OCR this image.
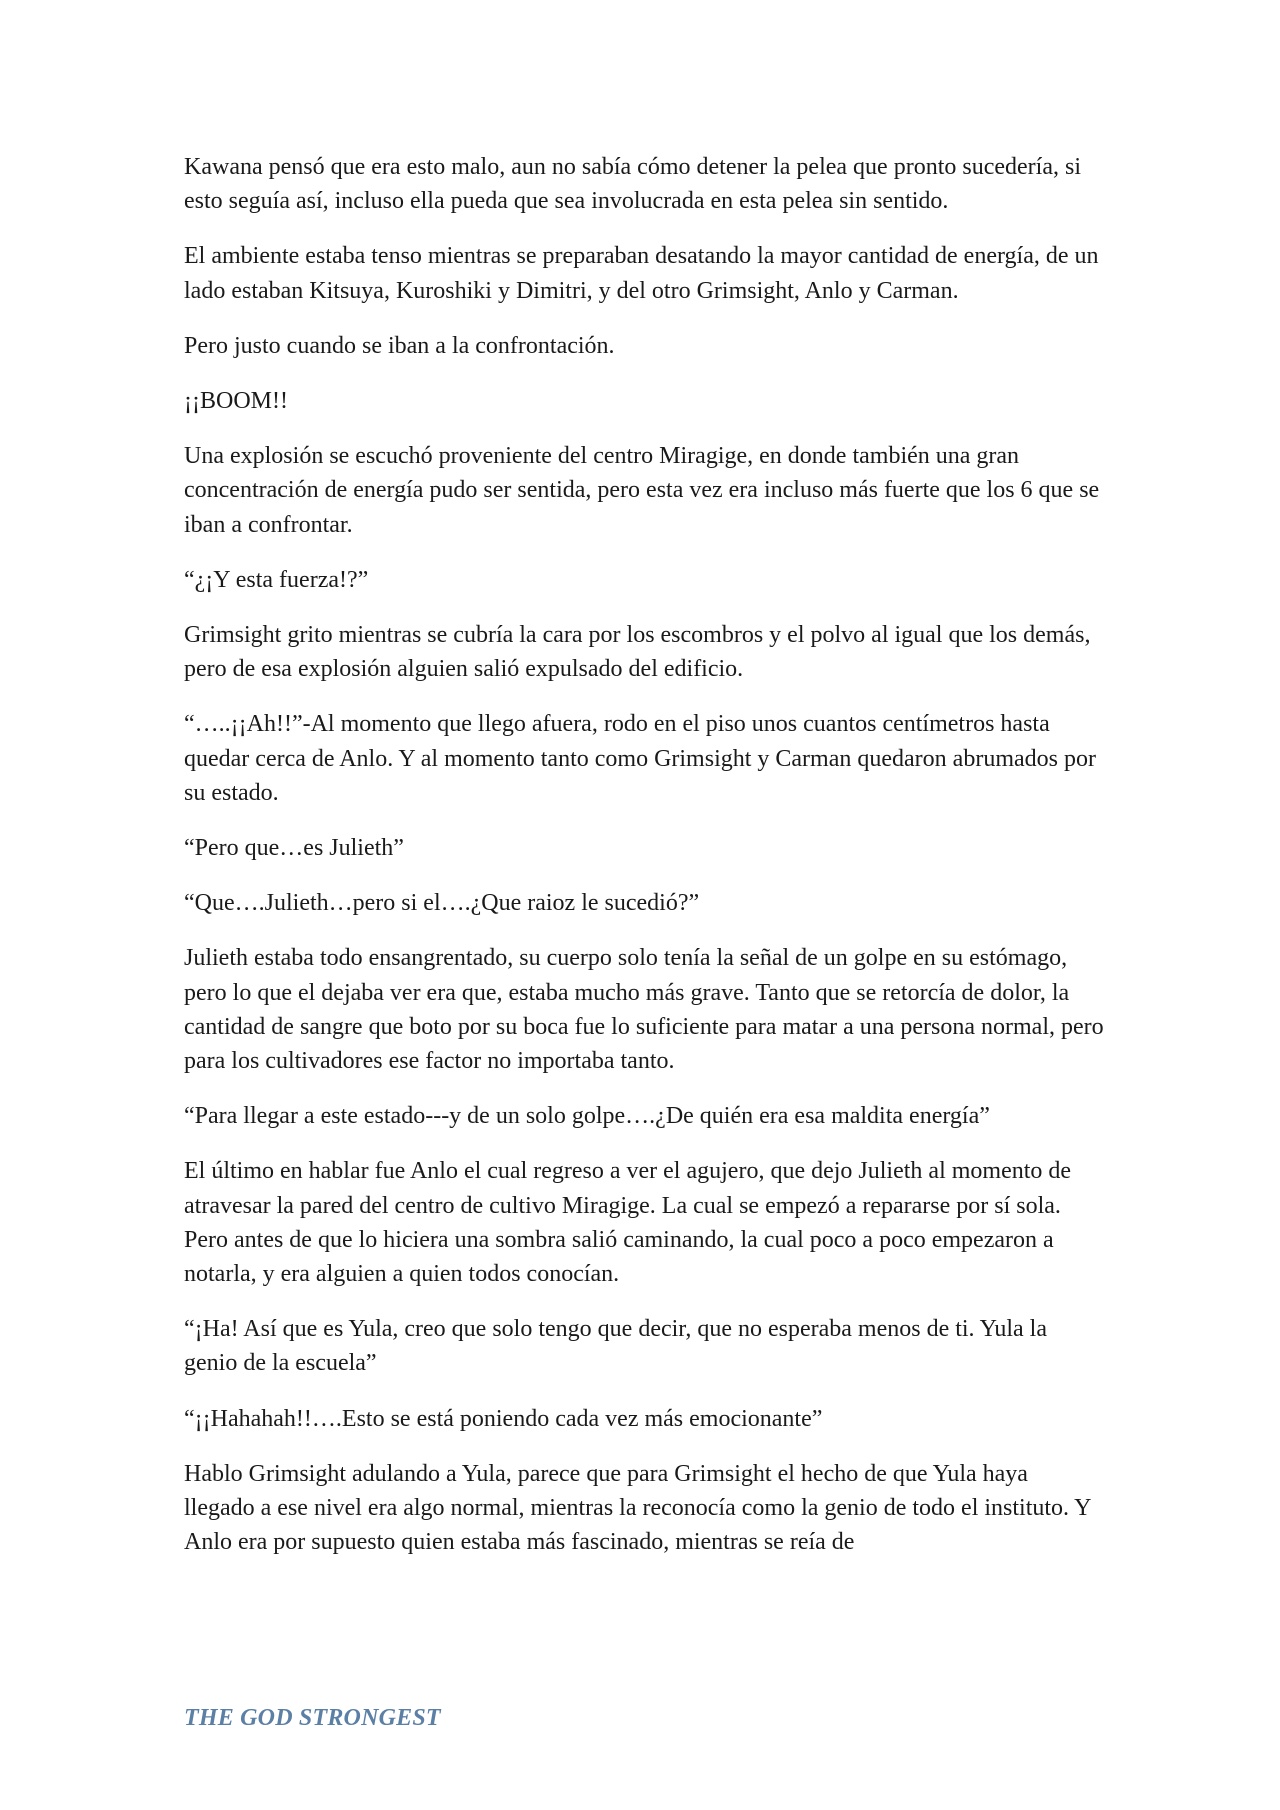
Kawana pensó que era esto malo, aun no sabía cómo detener la pelea que pronto sucedería, si esto seguía así, incluso ella pueda que sea involucrada en esta pelea sin sentido.

El ambiente estaba tenso mientras se preparaban desatando la mayor cantidad de energía, de un lado estaban Kitsuya, Kuroshiki y Dimitri, y del otro Grimsight, Anlo y Carman.

Pero justo cuando se iban a la confrontación.

¡¡BOOM!!

Una explosión se escuchó proveniente del centro Miragige, en donde también una gran concentración de energía pudo ser sentida, pero esta vez era incluso más fuerte que los 6 que se iban a confrontar.

“¿¡Y esta fuerza!?”

Grimsight grito mientras se cubría la cara por los escombros y el polvo al igual que los demás, pero de esa explosión alguien salió expulsado del edificio.

“…..¡¡Ah!!”-Al momento que llego afuera, rodo en el piso unos cuantos centímetros hasta quedar cerca de Anlo. Y al momento tanto como Grimsight y Carman quedaron abrumados por su estado.

“Pero que…es Julieth”

“Que….Julieth…pero si el….¿Que raioz le sucedió?”

Julieth estaba todo ensangrentado, su cuerpo solo tenía la señal de un golpe en su estómago, pero lo que el dejaba ver era que, estaba mucho más grave. Tanto que se retorcía de dolor, la cantidad de sangre que boto por su boca fue lo suficiente para matar a una persona normal, pero para los cultivadores ese factor no importaba tanto.

“Para llegar a este estado---y de un solo golpe….¿De quién era esa maldita energía”

El último en hablar fue Anlo el cual regreso a ver el agujero, que dejo Julieth al momento de atravesar la pared del centro de cultivo Miragige. La cual se empezó a repararse por sí sola. Pero antes de que lo hiciera una sombra salió caminando, la cual poco a poco empezaron a notarla, y era alguien a quien todos conocían.

“¡Ha! Así que es Yula, creo que solo tengo que decir, que no esperaba menos de ti. Yula la genio de la escuela”

“¡¡Hahahah!!….Esto se está poniendo cada vez más emocionante”

Hablo Grimsight adulando a Yula, parece que para Grimsight el hecho de que Yula haya llegado a ese nivel era algo normal, mientras la reconocía como la genio de todo el instituto. Y Anlo era por supuesto quien estaba más fascinado, mientras se reía de

THE GOD STRONGEST
